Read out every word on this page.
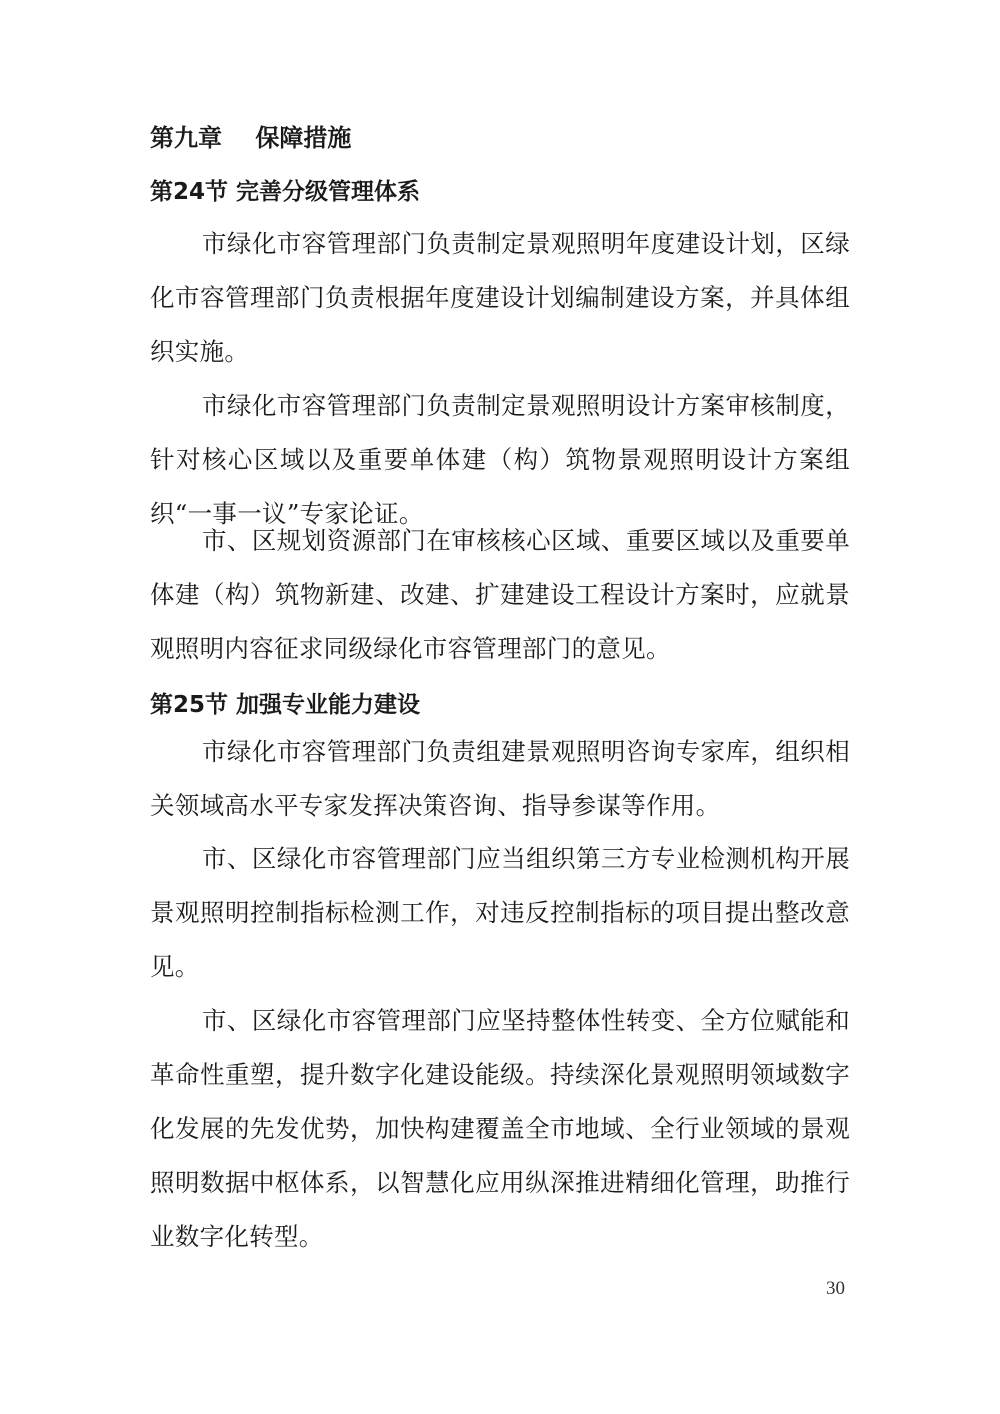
第九章    保障措施
第24节 完善分级管理体系

市绿化市容管理部门负责制定景观照明年度建设计划，区绿化市容管理部门负责根据年度建设计划编制建设方案，并具体组织实施。

市绿化市容管理部门负责制定景观照明设计方案审核制度，针对核心区域以及重要单体建（构）筑物景观照明设计方案组织“一事一议”专家论证。

市、区规划资源部门在审核核心区域、重要区域以及重要单体建（构）筑物新建、改建、扩建建设工程设计方案时，应就景观照明内容征求同级绿化市容管理部门的意见。

第25节 加强专业能力建设

市绿化市容管理部门负责组建景观照明咨询专家库，组织相关领域高水平专家发挥决策咨询、指导参谋等作用。

市、区绿化市容管理部门应当组织第三方专业检测机构开展景观照明控制指标检测工作，对违反控制指标的项目提出整改意见。

市、区绿化市容管理部门应坚持整体性转变、全方位赋能和革命性重塑，提升数字化建设能级。持续深化景观照明领域数字化发展的先发优势，加快构建覆盖全市地域、全行业领域的景观照明数据中枢体系，以智慧化应用纵深推进精细化管理，助推行业数字化转型。

30
